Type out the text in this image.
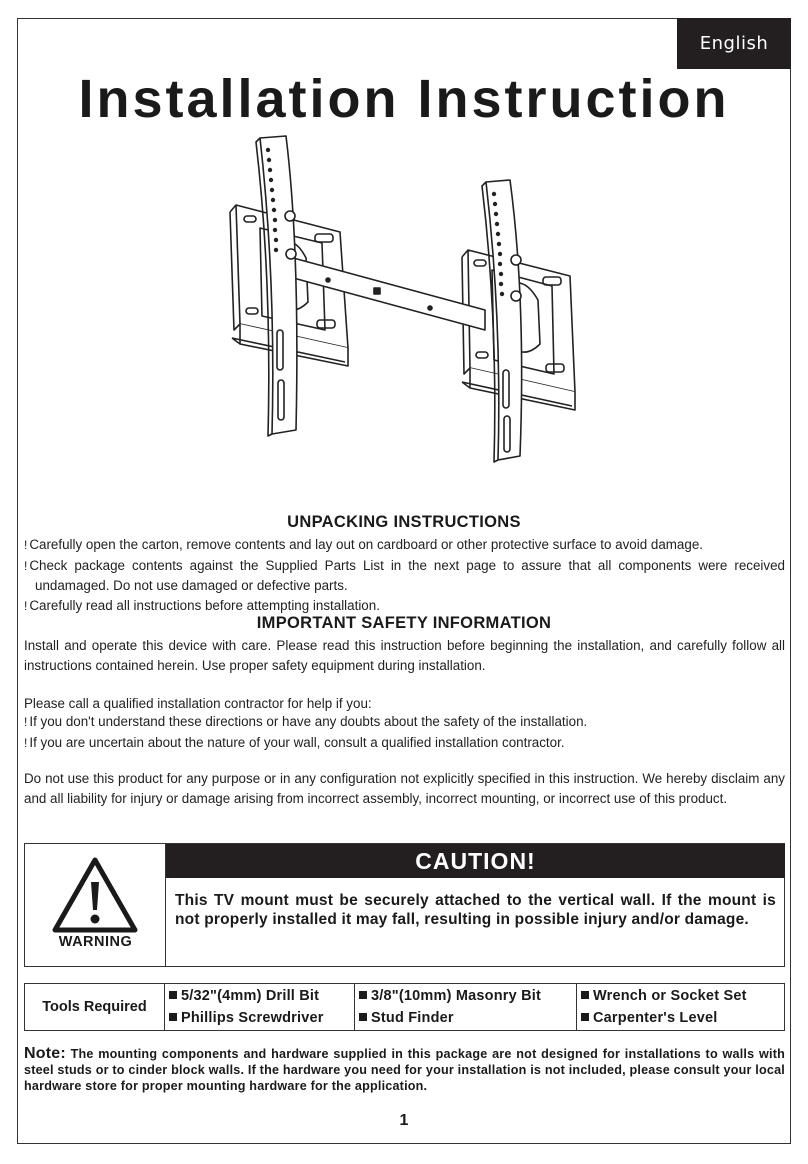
English
Installation Instruction
UNPACKING INSTRUCTIONS
! Carefully open the carton, remove contents and lay out on cardboard or other protective surface to avoid damage.
! Check package contents against the Supplied Parts List in the next page to assure that all components were received
undamaged. Do not use damaged or defective parts.
! Carefully read all instructions before attempting installation.
IMPORTANT SAFETY INFORMATION
Install and operate this device with care. Please read this instruction before beginning the installation, and carefully follow all instructions contained herein. Use proper safety equipment during installation.
Please call a qualified installation contractor for help if you:
! If you don't understand these directions or have any doubts about the safety of the installation.
! If you are uncertain about the nature of your wall, consult a qualified installation contractor.
Do not use this product for any purpose or in any configuration not explicitly specified in this instruction. We hereby disclaim any and all liability for injury or damage arising from incorrect assembly, incorrect mounting, or incorrect use of this product.
WARNING
CAUTION!
This TV mount must be securely attached to the vertical wall. If the mount is not properly installed it may fall, resulting in possible injury and/or damage.
Tools Required
5/32"(4mm) Drill Bit
Phillips Screwdriver
3/8"(10mm) Masonry Bit
Stud Finder
Wrench or Socket Set
Carpenter's Level
Note: The mounting components and hardware supplied in this package are not designed for installations to walls with steel studs or to cinder block walls. If the hardware you need for your installation is not included, please consult your local hardware store for proper mounting hardware for the application.
1
